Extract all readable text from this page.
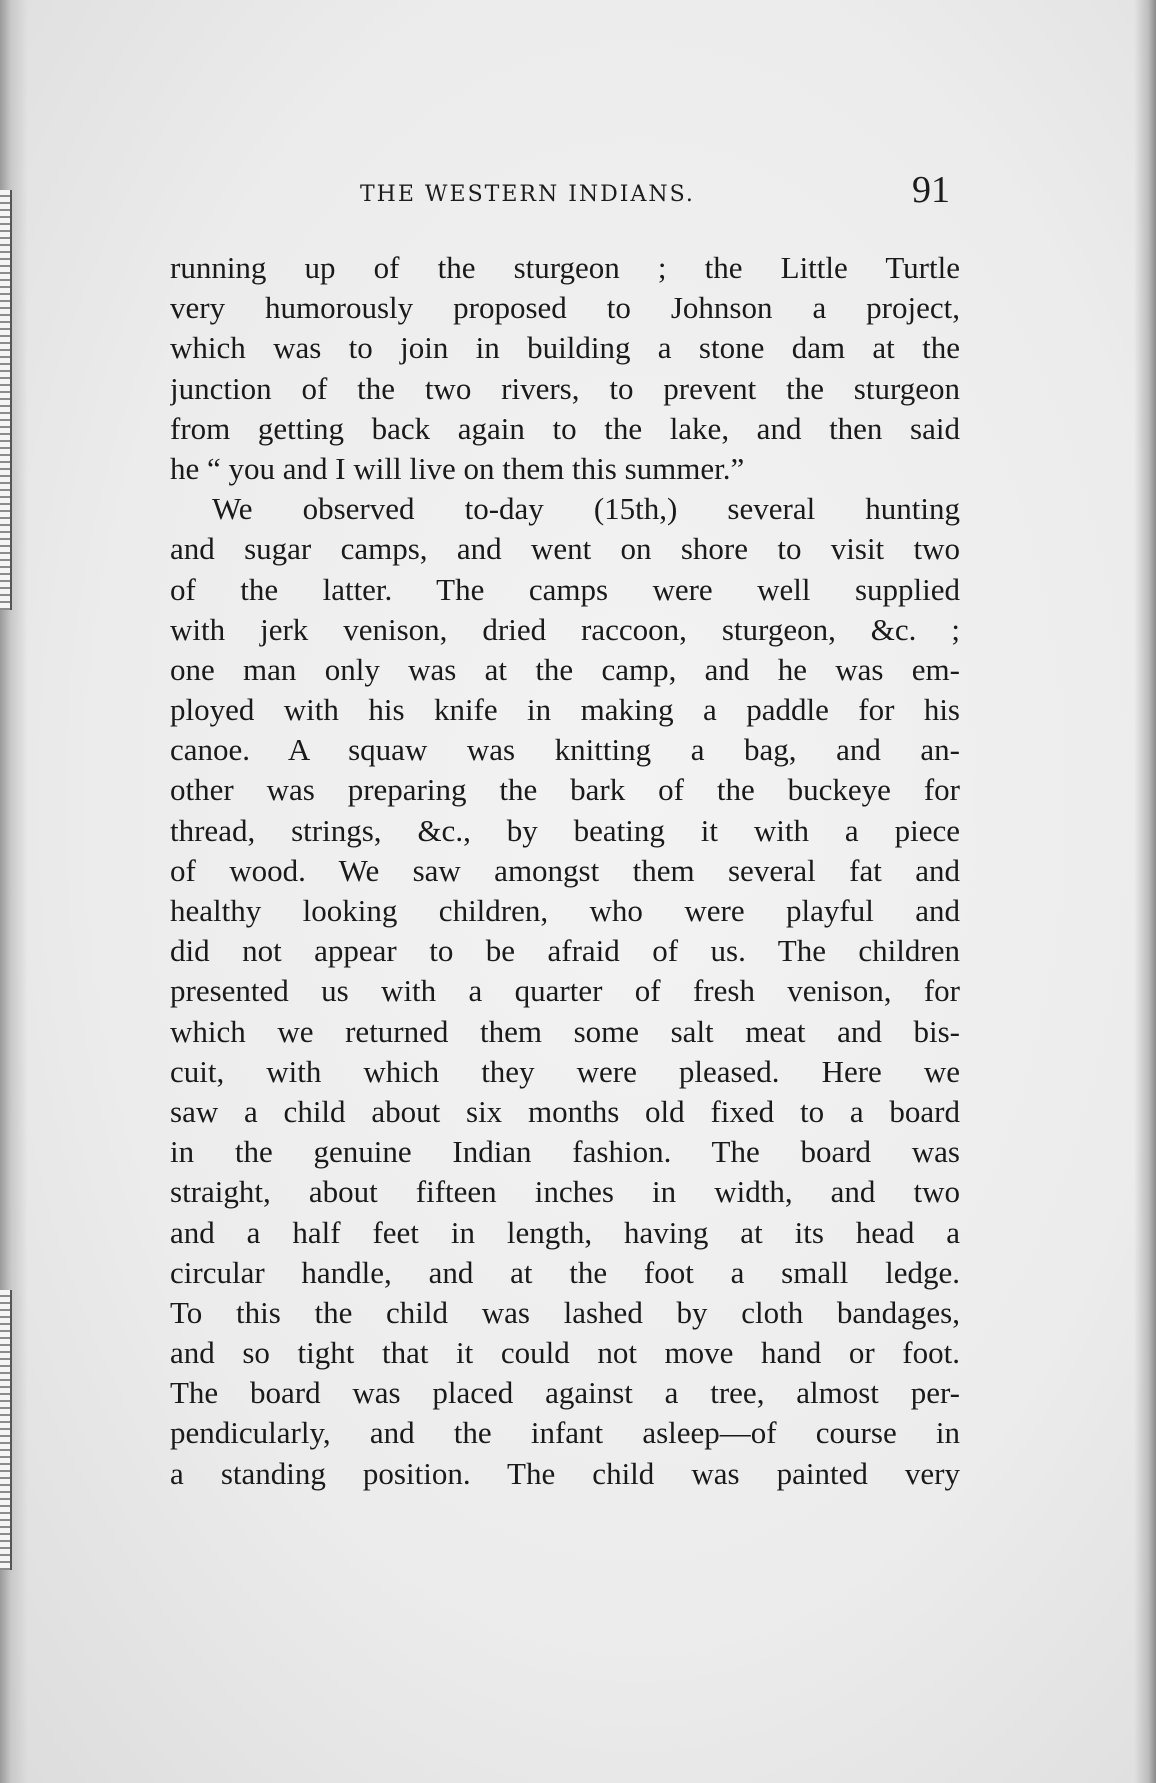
THE WESTERN INDIANS.	91
running up of the sturgeon ; the Little Turtle
very humorously proposed to Johnson a project,
which was to join in building a stone dam at the
junction of the two rivers, to prevent the sturgeon
from getting back again to the lake, and then said
he “ you and I will live on them this summer.”
We observed to-day (15th,) several hunting
and sugar camps, and went on shore to visit two
of the latter. The camps were well supplied
with jerk venison, dried raccoon, sturgeon, &c. ;
one man only was at the camp, and he was em-
ployed with his knife in making a paddle for his
canoe. A squaw was knitting a bag, and an-
other was preparing the bark of the buckeye for
thread, strings, &c., by beating it with a piece
of wood. We saw amongst them several fat and
healthy looking children, who were playful and
did not appear to be afraid of us. The children
presented us with a quarter of fresh venison, for
which we returned them some salt meat and bis-
cuit, with which they were pleased. Here we
saw a child about six months old fixed to a board
in the genuine Indian fashion. The board was
straight, about fifteen inches in width, and two
and a half feet in length, having at its head a
circular handle, and at the foot a small ledge.
To this the child was lashed by cloth bandages,
and so tight that it could not move hand or foot.
The board was placed against a tree, almost per-
pendicularly, and the infant asleep—of course in
a standing position. The child was painted very
